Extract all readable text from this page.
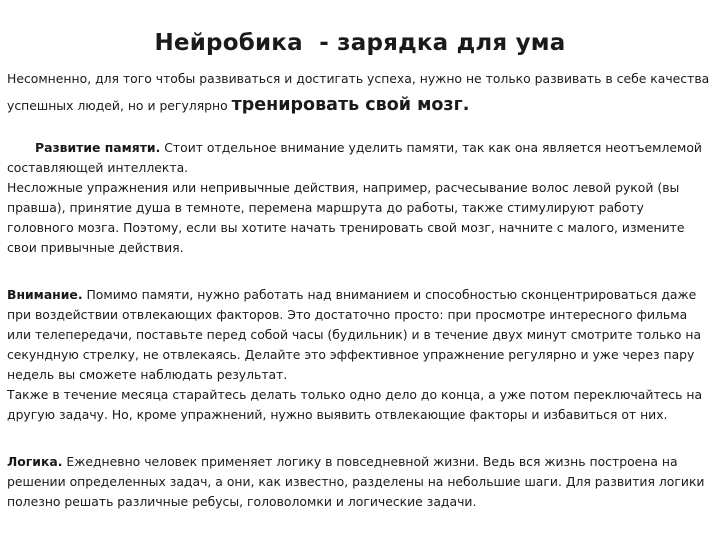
Нейробика  - зарядка для ума
Несомненно, для того чтобы развиваться и достигать успеха, нужно не только развивать в себе качества успешных людей, но и регулярно тренировать свой мозг.

Развитие памяти. Стоит отдельное внимание уделить памяти, так как она является неотъемлемой составляющей интеллекта.

Несложные упражнения или непривычные действия, например, расчесывание волос левой рукой (вы правша), принятие душа в темноте, перемена маршрута до работы, также стимулируют работу головного мозга. Поэтому, если вы хотите начать тренировать свой мозг, начните с малого, измените свои привычные действия.

Внимание. Помимо памяти, нужно работать над вниманием и способностью сконцентрироваться даже при воздействии отвлекающих факторов. Это достаточно просто: при просмотре интересного фильма или телепередачи, поставьте перед собой часы (будильник) и в течение двух минут смотрите только на секундную стрелку, не отвлекаясь. Делайте это эффективное упражнение регулярно и уже через пару недель вы сможете наблюдать результат.

Также в течение месяца старайтесь делать только одно дело до конца, а уже потом переключайтесь на другую задачу. Но, кроме упражнений, нужно выявить отвлекающие факторы и избавиться от них.

Логика. Ежедневно человек применяет логику в повседневной жизни. Ведь вся жизнь построена на решении определенных задач, а они, как известно, разделены на небольшие шаги. Для развития логики полезно решать различные ребусы, головоломки и логические задачи.
